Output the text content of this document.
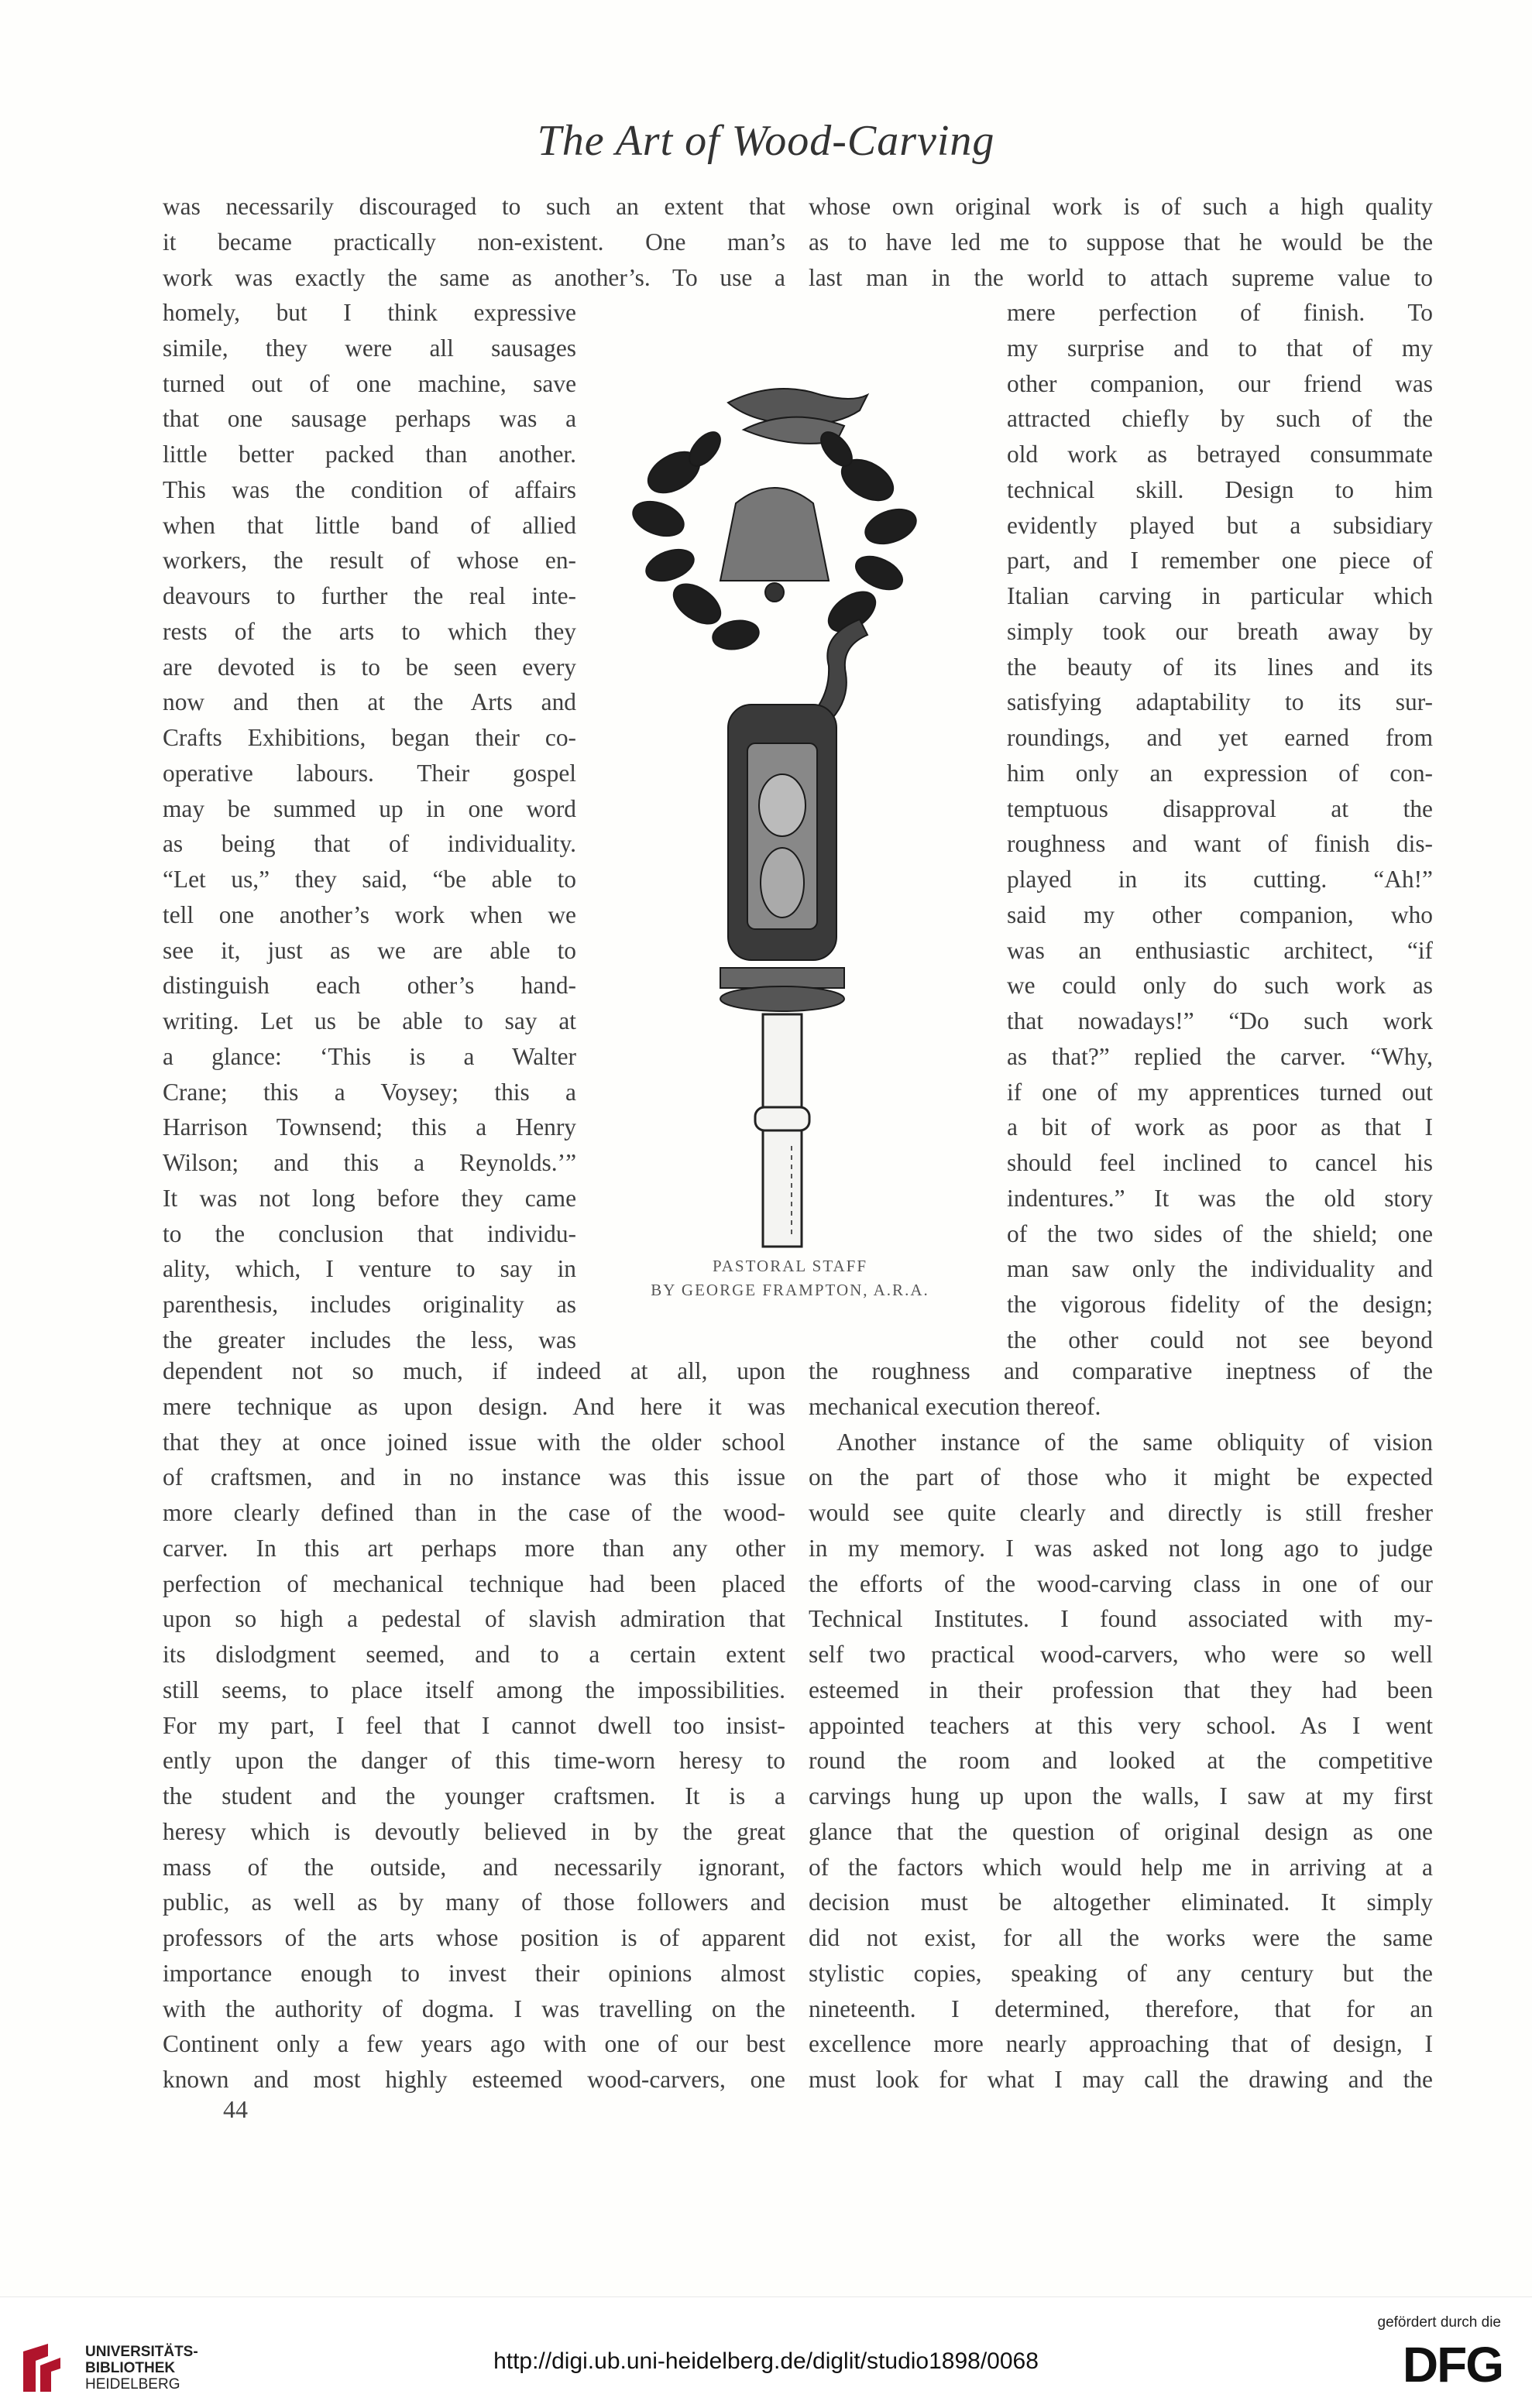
The Art of Wood-Carving
was necessarily discouraged to such an extent that
it became practically non-existent. One man’s
work was exactly the same as another’s. To use a
homely, but I think expressive
simile, they were all sausages
turned out of one machine, save
that one sausage perhaps was a
little better packed than another.
This was the condition of affairs
when that little band of allied
workers, the result of whose en-
deavours to further the real inte-
rests of the arts to which they
are devoted is to be seen every
now and then at the Arts and
Crafts Exhibitions, began their co-
operative labours. Their gospel
may be summed up in one word
as being that of individuality.
“Let us,” they said, “be able to
tell one another’s work when we
see it, just as we are able to
distinguish each other’s hand-
writing. Let us be able to say at
a glance: ‘This is a Walter
Crane; this a Voysey; this a
Harrison Townsend; this a Henry
Wilson; and this a Reynolds.’”
It was not long before they came
to the conclusion that individu-
ality, which, I venture to say in
parenthesis, includes originality as
the greater includes the less, was
dependent not so much, if indeed at all, upon
mere technique as upon design. And here it was
that they at once joined issue with the older school
of craftsmen, and in no instance was this issue
more clearly defined than in the case of the wood-
carver. In this art perhaps more than any other
perfection of mechanical technique had been placed
upon so high a pedestal of slavish admiration that
its dislodgment seemed, and to a certain extent
still seems, to place itself among the impossibilities.
For my part, I feel that I cannot dwell too insist-
ently upon the danger of this time-worn heresy to
the student and the younger craftsmen. It is a
heresy which is devoutly believed in by the great
mass of the outside, and necessarily ignorant,
public, as well as by many of those followers and
professors of the arts whose position is of apparent
importance enough to invest their opinions almost
with the authority of dogma. I was travelling on the
Continent only a few years ago with one of our best
known and most highly esteemed wood-carvers, one
whose own original work is of such a high quality
as to have led me to suppose that he would be the
last man in the world to attach supreme value to
mere perfection of finish. To
my surprise and to that of my
other companion, our friend was
attracted chiefly by such of the
old work as betrayed consummate
technical skill. Design to him
evidently played but a subsidiary
part, and I remember one piece of
Italian carving in particular which
simply took our breath away by
the beauty of its lines and its
satisfying adaptability to its sur-
roundings, and yet earned from
him only an expression of con-
temptuous disapproval at the
roughness and want of finish dis-
played in its cutting. “Ah!”
said my other companion, who
was an enthusiastic architect, “if
we could only do such work as
that nowadays!” “Do such work
as that?” replied the carver. “Why,
if one of my apprentices turned out
a bit of work as poor as that I
should feel inclined to cancel his
indentures.” It was the old story
of the two sides of the shield; one
man saw only the individuality and
the vigorous fidelity of the design;
the other could not see beyond
the roughness and comparative ineptness of the
mechanical execution thereof.
Another instance of the same obliquity of vision
on the part of those who it might be expected
would see quite clearly and directly is still fresher
in my memory. I was asked not long ago to judge
the efforts of the wood-carving class in one of our
Technical Institutes. I found associated with my-
self two practical wood-carvers, who were so well
esteemed in their profession that they had been
appointed teachers at this very school. As I went
round the room and looked at the competitive
carvings hung up upon the walls, I saw at my first
glance that the question of original design as one
of the factors which would help me in arriving at a
decision must be altogether eliminated. It simply
did not exist, for all the works were the same
stylistic copies, speaking of any century but the
nineteenth. I determined, therefore, that for an
excellence more nearly approaching that of design, I
must look for what I may call the drawing and the
PASTORAL STAFF
BY GEORGE FRAMPTON, A.R.A.
44
UNIVERSITÄTS-
BIBLIOTHEK
HEIDELBERG
http://digi.ub.uni-heidelberg.de/diglit/studio1898/0068
gefördert durch die
DFG
